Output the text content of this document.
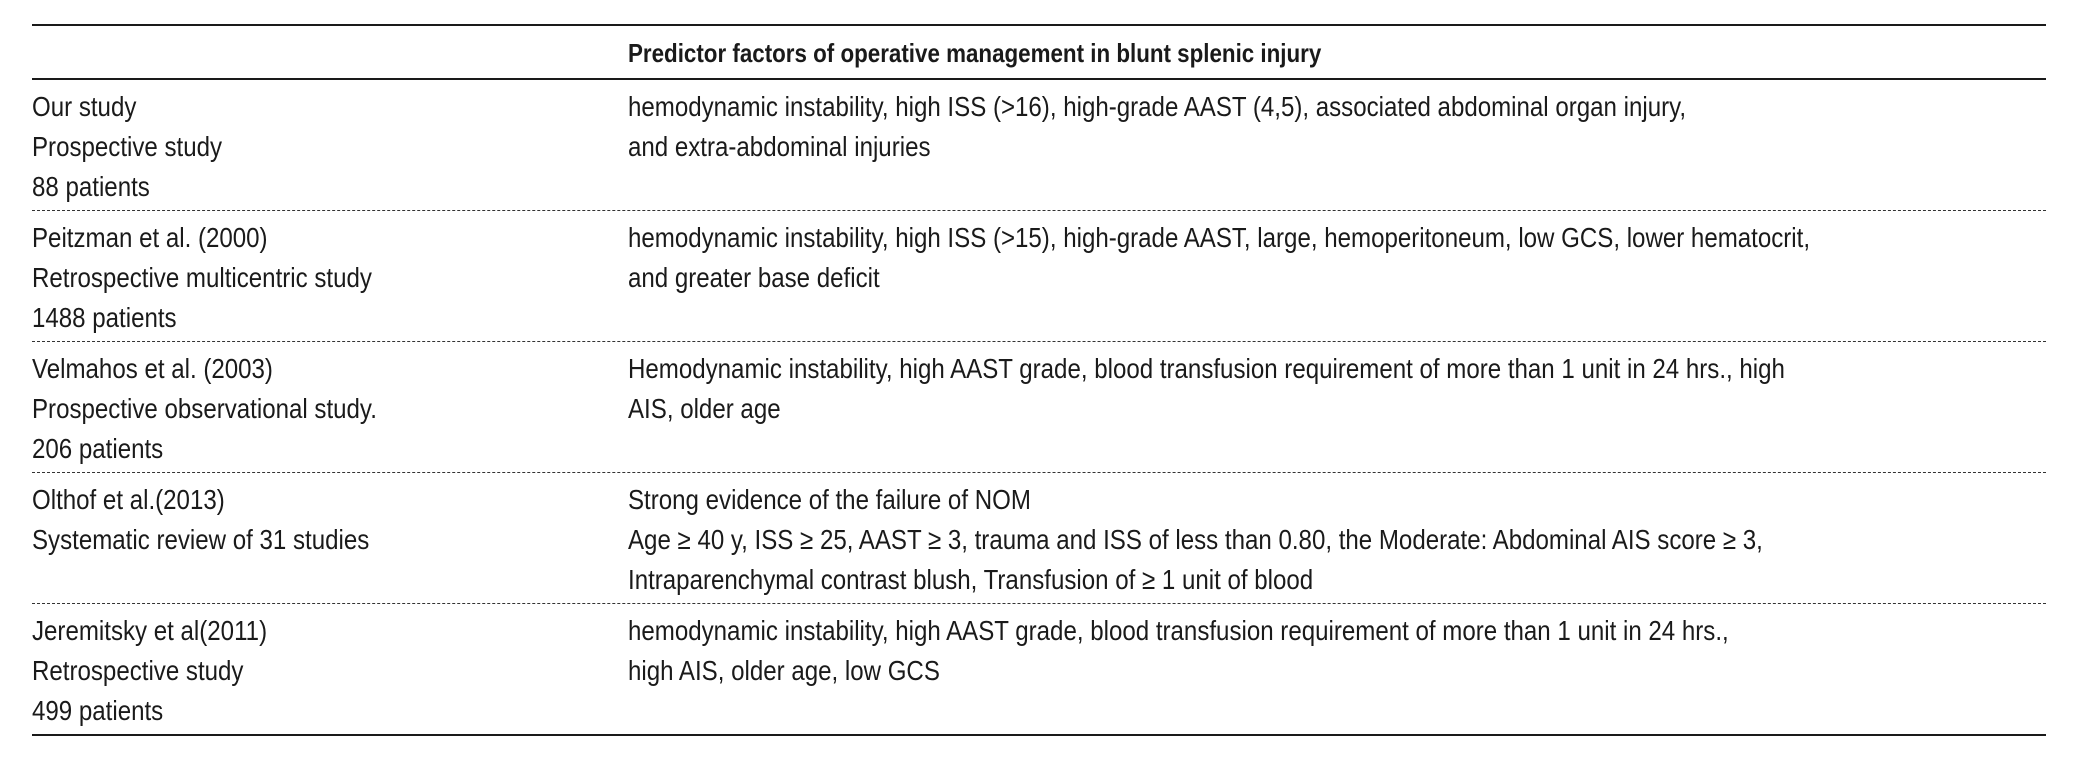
Predictor factors of operative management in blunt splenic injury
Our study
Prospective study
88 patients
hemodynamic instability, high ISS (>16), high-grade AAST (4,5), associated abdominal organ injury,
and extra-abdominal injuries
Peitzman et al. (2000)
Retrospective multicentric study
1488 patients
hemodynamic instability, high ISS (>15), high-grade AAST, large, hemoperitoneum, low GCS, lower hematocrit,
and greater base deficit
Velmahos et al. (2003)
Prospective observational study.
206 patients
Hemodynamic instability, high AAST grade, blood transfusion requirement of more than 1 unit in 24 hrs., high
AIS, older age
Olthof et al.(2013)
Systematic review of 31 studies
Strong evidence of the failure of NOM
Age ≥ 40 y, ISS ≥ 25, AAST ≥ 3, trauma and ISS of less than 0.80, the Moderate: Abdominal AIS score ≥ 3,
Intraparenchymal contrast blush, Transfusion of ≥ 1 unit of blood
Jeremitsky et al(2011)
Retrospective study
499 patients
hemodynamic instability, high AAST grade, blood transfusion requirement of more than 1 unit in 24 hrs.,
high AIS, older age, low GCS
